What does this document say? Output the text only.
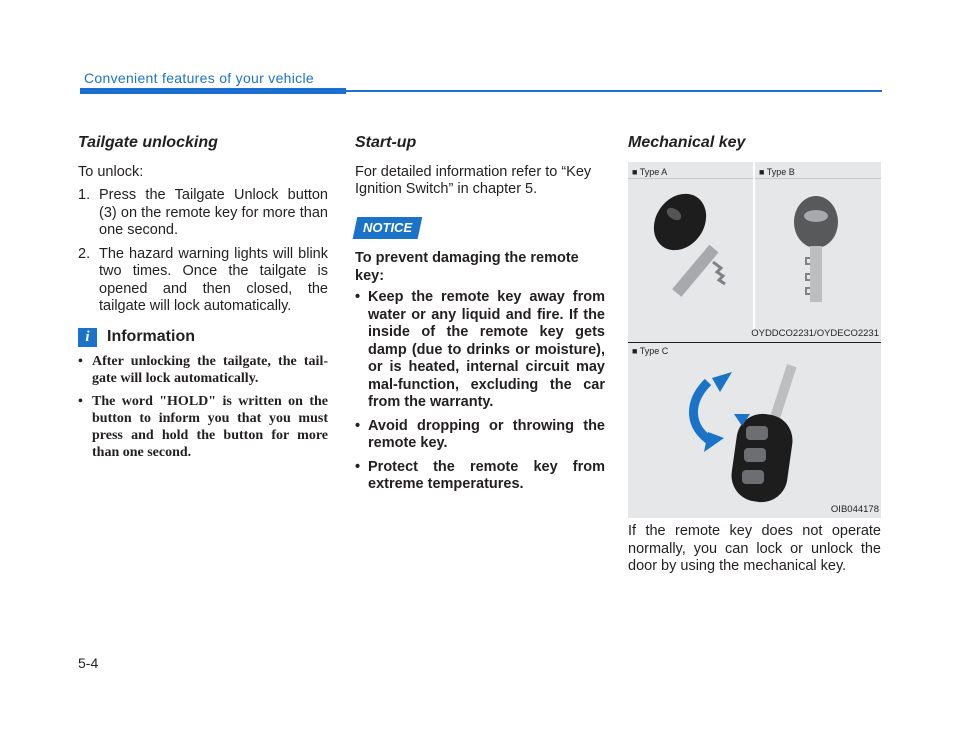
Convenient features of your vehicle
Tailgate unlocking

To unlock:

1. Press the Tailgate Unlock button (3) on the remote key for more than one second.
2. The hazard warning lights will blink two times. Once the tailgate is opened and then closed, the tailgate will lock automatically.
i	Information
• After unlocking the tailgate, the tail-gate will lock automatically.
• The word "HOLD" is written on the button to inform you that you must press and hold the button for more than one second.
Start-up

For detailed information refer to “Key Ignition Switch” in chapter 5.

NOTICE
To prevent damaging the remote key:
• Keep the remote key away from water or any liquid and fire. If the inside of the remote key gets damp (due to drinks or moisture), or is heated, internal circuit may mal-function, excluding the car from the warranty.
• Avoid dropping or throwing the remote key.
• Protect the remote key from extreme temperatures.
Mechanical key
■ Type A	■ Type B
OYDDCO2231/OYDECO2231
■ Type C
OIB044178
If the remote key does not operate normally, you can lock or unlock the door by using the mechanical key.
5-4
